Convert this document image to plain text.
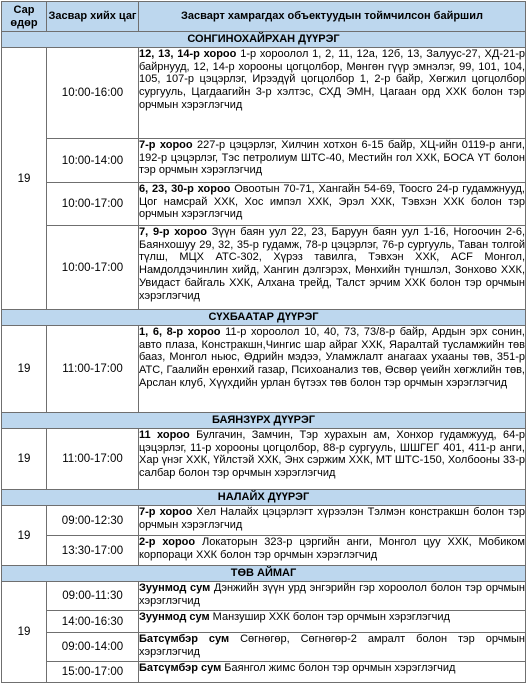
Сар өдөр	Засвар хийх цаг	Засварт хамрагдах объектуудын тоймчилсон байршил
СОНГИНОХАЙРХАН ДҮҮРЭГ		
19	10:00-16:00	12, 13, 14-р хороо 1-р хороолол 1, 2, 11, 12а, 12б, 13, Залуус-27, ХД-21-р байрнууд, 12, 14-р хорооны цогцолбор, Мөнгөн гүүр эмнэлэг, 99, 101, 104, 105, 107-р цэцэрлэг, Ирээдүй цогцолбор 1, 2-р байр, Хөгжил цогцолбор сургууль, Цагдаагийн 3-р хэлтэс, СХД ЭМН, Цагаан орд ХХК болон тэр орчмын хэрэглэгчид
	10:00-14:00	7-р хороо 227-р цэцэрлэг, Хилчин хотхон 6-15 байр, ХЦ-ийн 0119-р анги, 192-р цэцэрлэг, Тэс петролиум ШТС-40, Местийн гол ХХК, БОСА ҮТ болон тэр орчмын хэрэглэгчид
	10:00-17:00	6, 23, 30-р хороо Овоотын 70-71, Хангайн 54-69, Тоосго 24-р гудамжнууд, Цог намсрай ХХК, Хос импэл ХХК, Эрэл ХХК, Тэвхэн ХХК болон тэр орчмын хэрэглэгчид
	10:00-17:00	7, 9-р хороо Зүүн баян уул 22, 23, Баруун баян уул 1-16, Ногоочин 2-6, Баянхошуу 29, 32, 35-р гудамж, 78-р цэцэрлэг, 76-р сургууль, Таван толгой түлш, МЦХ АТС-302, Хүрэз тавилга, Тэвхэн ХХК, ACF Монгол, Намдолдэчинлин хийд, Хангин дэлгэрэх, Мөнхийн түншлэл, Зонхово ХХК, Увидаст байгаль ХХК, Алхана трейд, Талст эрчим ХХК болон тэр орчмын хэрэглэгчид
СҮХБААТАР ДҮҮРЭГ		
19	11:00-17:00	1, 6, 8-р хороо 11-р хороолол 10, 40, 73, 73/8-р байр, Ардын эрх сонин, авто плаза, Констракшн,Чингис шар айраг ХХК, Яаралтай тусламжийн төв бааз, Монгол ньюс, Өдрийн мэдээ, Уламжлалт анагаах ухааны төв, 351-р АТС, Гаалийн ерөнхий газар, Психоанализ төв, Өсвөр үеийн хөгжлийн төв, Арслан клуб, Хүүхдийн урлан бүтээх төв болон тэр орчмын хэрэглэгчид
БАЯНЗҮРХ ДҮҮРЭГ		
19	11:00-17:00	11 хороо Булгачин, Замчин, Тэр хурахын ам, Хонхор гудамжууд, 64-р цэцэрлэг, 11-р хорооны цогцолбор, 88-р сургууль, ШШГЕГ 401, 411-р анги, Хар үнэг ХХК, Үйлстэй ХХК, Энх сэржим ХХК, МТ ШТС-150, Холбооны 33-р салбар болон тэр орчмын хэрэглэгчид
НАЛАЙХ ДҮҮРЭГ		
19	09:00-12:30	7-р хороо Хел Налайх цэцэрлэгт хүрээлэн Тэлмэн констракшн болон тэр орчмын хэрэглэгчид
	13:30-17:00	2-р хороо Локаторын 323-р цэргийн анги, Монгол цуу ХХК, Мобиком корпораци ХХК болон тэр орчмын хэрэглэгчид
ТӨВ АЙМАГ		
19	09:00-11:30	Зуунмод сум Дэнжийн зүүн урд энгэрийн гэр хороолол болон тэр орчмын хэрэглэгчид
	14:00-16:30	Зуунмод сум Манзушир ХХК болон тэр орчмын хэрэглэгчид
	09:00-14:00	Батсүмбэр сум Сөгнөгөр, Сөгнөгөр-2 амралт болон тэр орчмын хэрэглэгчид
	15:00-17:00	Батсүмбэр сум Баянгол жимс болон тэр орчмын хэрэглэгчид
